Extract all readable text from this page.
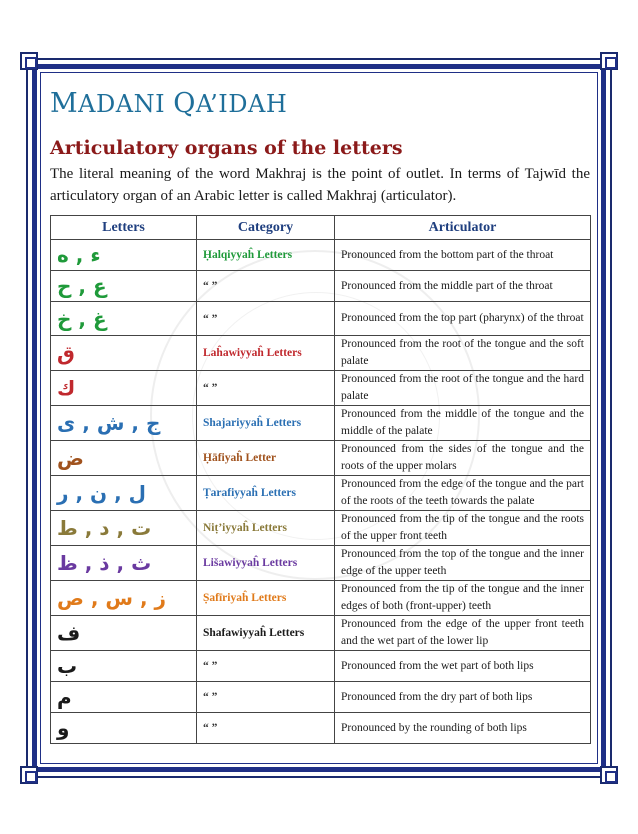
MADANI QA’IDAH
Articulatory organs of the letters

The literal meaning of the word Makhraj is the point of outlet. In terms of Tajwīd the articulatory organ of an Arabic letter is called Makhraj (articulator).

Letters	Category	Articulator
ء , ه	Ḥalqiyyaĥ Letters	Pronounced from the bottom part of the throat
ع , ح	“ ”	Pronounced from the middle part of the throat
غ , خ	“ ”	Pronounced from the top part (pharynx) of the throat
ق	Laĥawiyyaĥ Letters	Pronounced from the root of the tongue and the soft palate
ك	“ ”	Pronounced from the root of the tongue and the hard palate
ج , ش , ى	Shajariyyaĥ Letters	Pronounced from the middle of the tongue and the middle of the palate
ض	Ḥāfiyaĥ Letter	Pronounced from the sides of the tongue and the roots of the upper molars
ل , ن , ر	Ṭarafiyyaĥ Letters	Pronounced from the edge of the tongue and the part of the roots of the teeth towards the palate
ت , د , ط	Niṭ’iyyaĥ Letters	Pronounced from the tip of the tongue and the roots of the upper front teeth
ث , ذ , ظ	Lišawiyyaĥ Letters	Pronounced from the top of the tongue and the inner edge of the upper teeth
ز , س , ص	Ṣafīriyaĥ Letters	Pronounced from the tip of the tongue and the inner edges of both (front-upper) teeth
ف	Shafawiyyaĥ Letters	Pronounced from the edge of the upper front teeth and the wet part of the lower lip
ب	“ ”	Pronounced from the wet part of both lips
م	“ ”	Pronounced from the dry part of both lips
و	“ ”	Pronounced by the rounding of both lips
